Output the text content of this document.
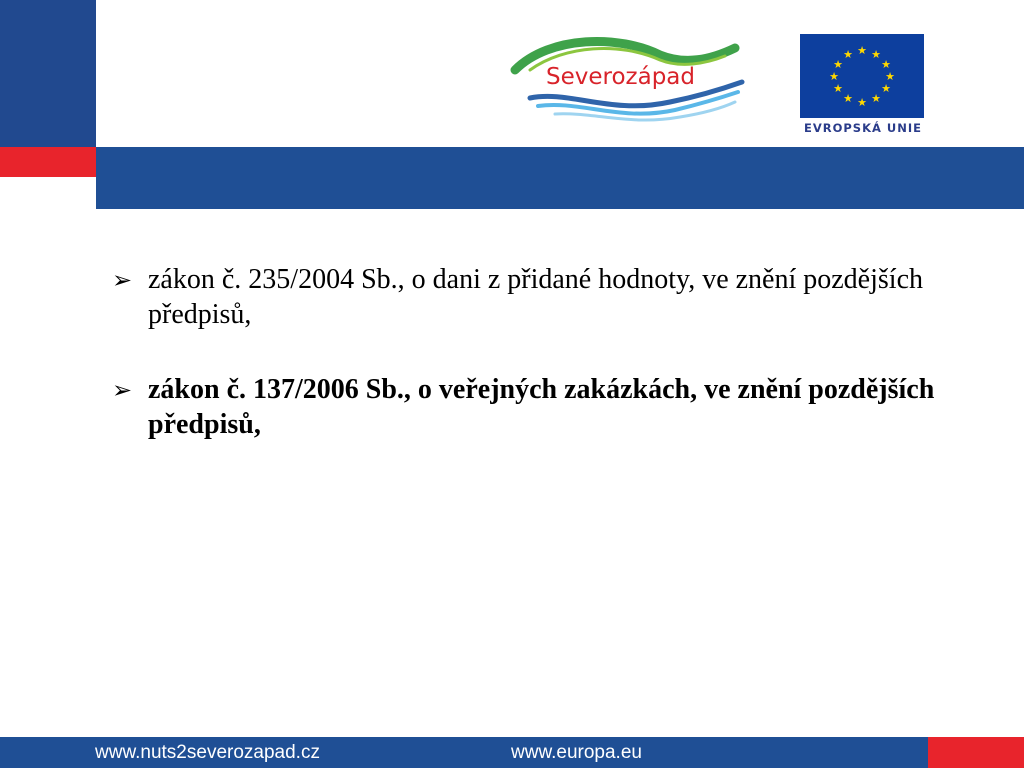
Severozápad
★ ★
★
★
★
★
★
★
★
★
★
★
EVROPSKÁ UNIE
➢ zákon č. 235/2004 Sb., o dani z přidané hodnoty, ve znění pozdějších předpisů,
➢ zákon č. 137/2006 Sb., o veřejných zakázkách, ve znění pozdějších předpisů,
www.nuts2severozapad.cz	www.europa.eu
